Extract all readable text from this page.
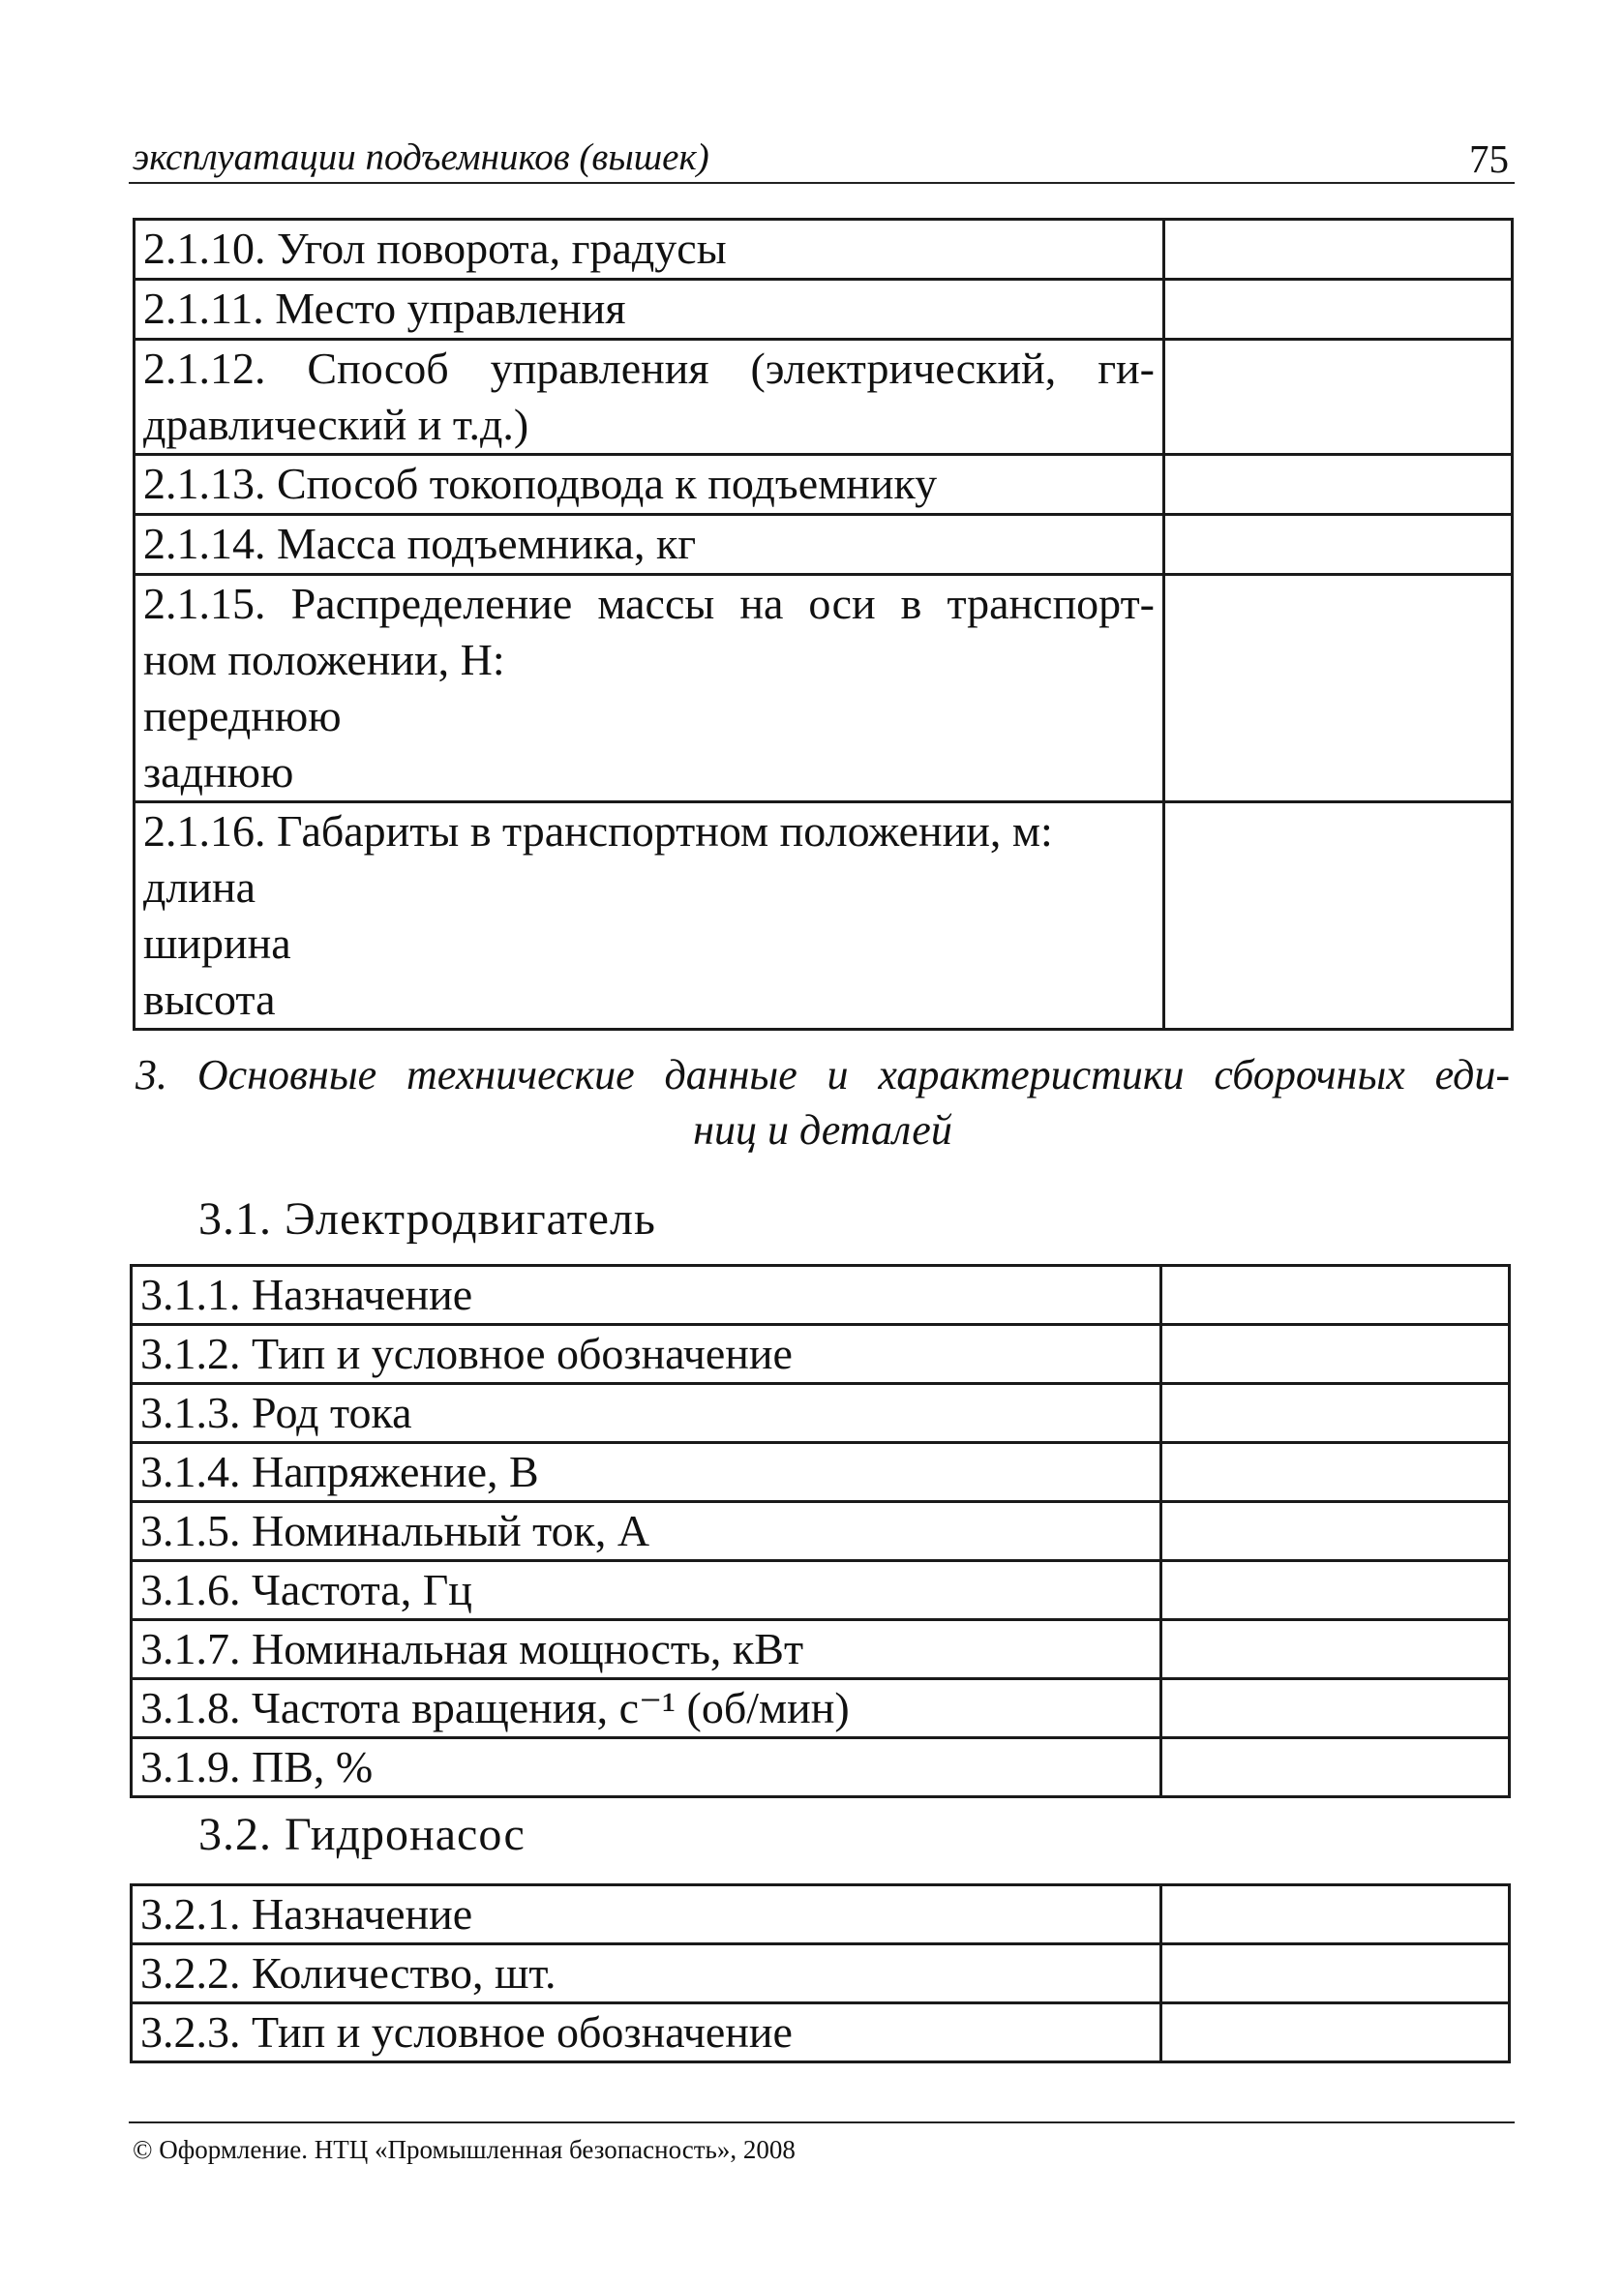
эксплуатации подъемников (вышек)	75
2.1.10. Угол поворота, градусы	

2.1.11. Место управления	

2.1.12. Способ управления (электрический, ги-
дравлический и т.д.)	

2.1.13. Способ токоподвода к подъемнику	

2.1.14. Масса подъемника, кг	

2.1.15. Распределение массы на оси в транспорт-
ном положении, Н:
переднюю
заднюю	

2.1.16. Габариты в транспортном положении, м:
длина
ширина
высота	

3. Основные технические данные и характеристики сборочных еди-
ниц и деталей
3.1. Электродвигатель
3.1.1. Назначение	

3.1.2. Тип и условное обозначение	

3.1.3. Род тока	

3.1.4. Напряжение, В	

3.1.5. Номинальный ток, А	

3.1.6. Частота, Гц	

3.1.7. Номинальная мощность, кВт	

3.1.8. Частота вращения, с⁻¹ (об/мин)	

3.1.9. ПВ, %	

3.2. Гидронасос
3.2.1. Назначение	

3.2.2. Количество, шт.	

3.2.3. Тип и условное обозначение	

© Оформление. НТЦ «Промышленная безопасность», 2008
